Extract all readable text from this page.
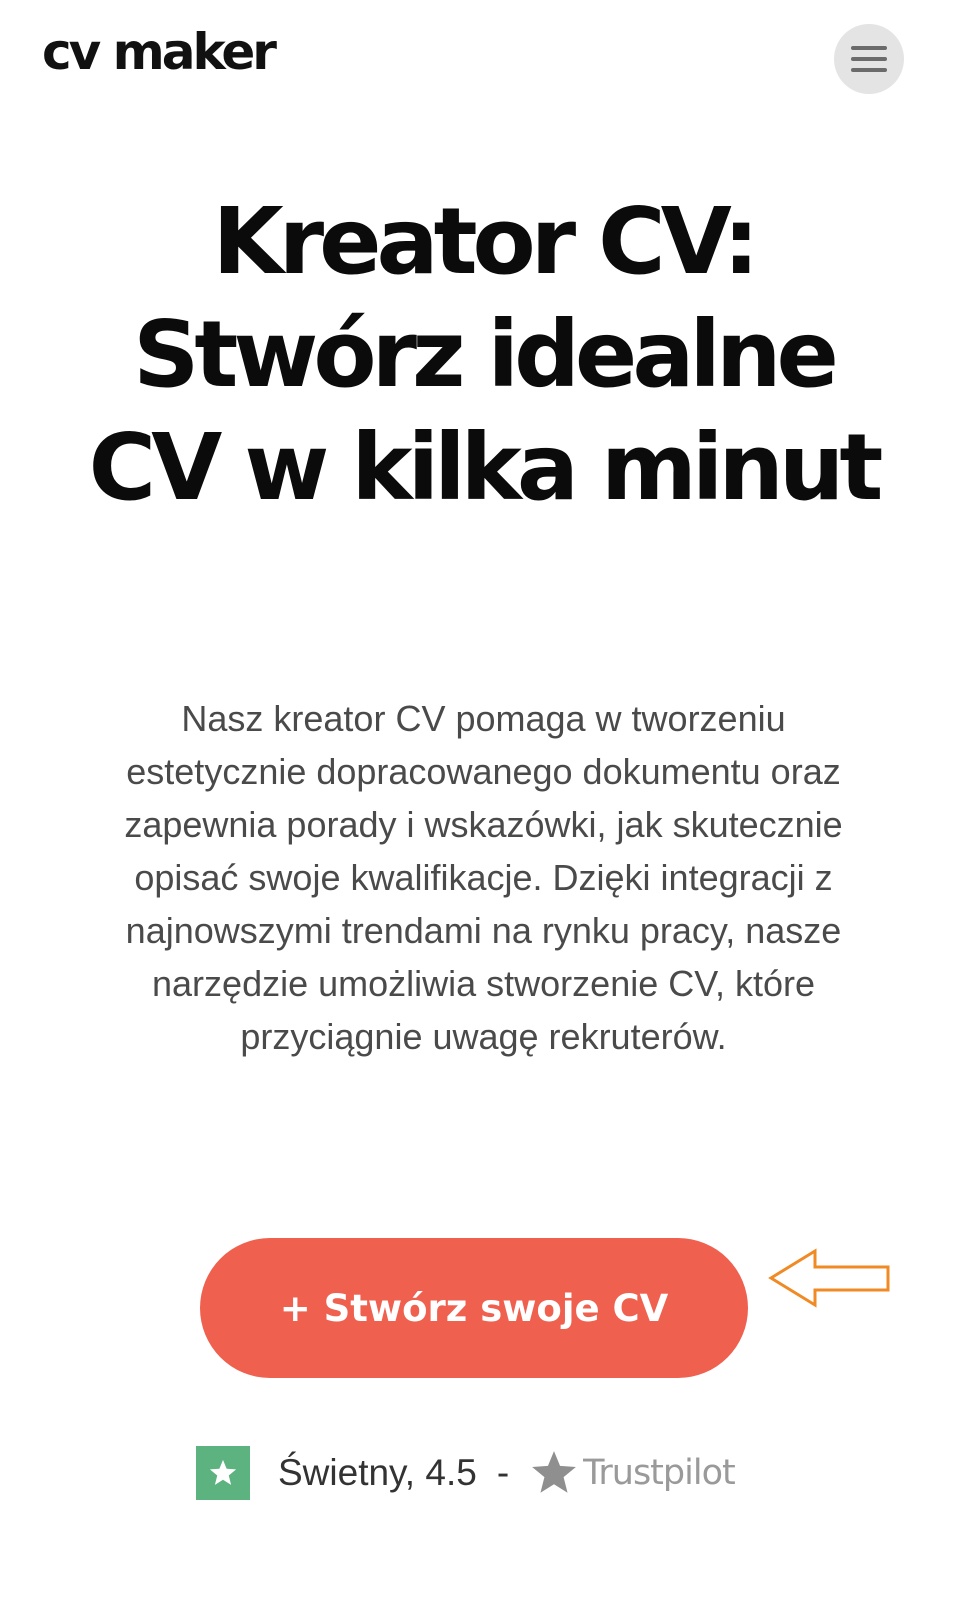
cv maker
Kreator CV: Stwórz idealne CV w kilka minut

Nasz kreator CV pomaga w tworzeniu estetycznie dopracowanego dokumentu oraz zapewnia porady i wskazówki, jak skutecznie opisać swoje kwalifikacje. Dzięki integracji z najnowszymi trendami na rynku pracy, nasze narzędzie umożliwia stworzenie CV, które przyciągnie uwagę rekruterów.

+ Stwórz swoje CV
Świetny, 4.5 - Trustpilot
